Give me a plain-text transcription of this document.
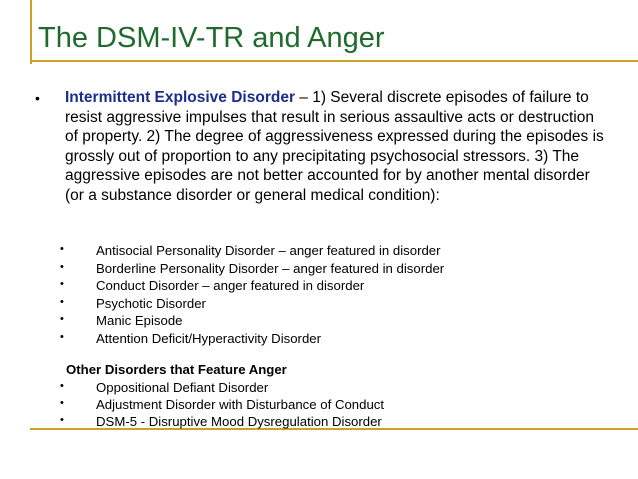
The DSM-IV-TR and Anger
• Intermittent Explosive Disorder – 1) Several discrete episodes of failure to resist aggressive impulses that result in serious assaultive acts or destruction of property. 2) The degree of aggressiveness expressed during the episodes is grossly out of proportion to any precipitating psychosocial stressors. 3) The aggressive episodes are not better accounted for by another mental disorder (or a substance disorder or general medical condition):
• Antisocial Personality Disorder – anger featured in disorder
• Borderline Personality Disorder – anger featured in disorder
• Conduct Disorder – anger featured in disorder
• Psychotic Disorder
• Manic Episode
• Attention Deficit/Hyperactivity Disorder
Other Disorders that Feature Anger
• Oppositional Defiant Disorder
• Adjustment Disorder with Disturbance of Conduct
• DSM-5 - Disruptive Mood Dysregulation Disorder
